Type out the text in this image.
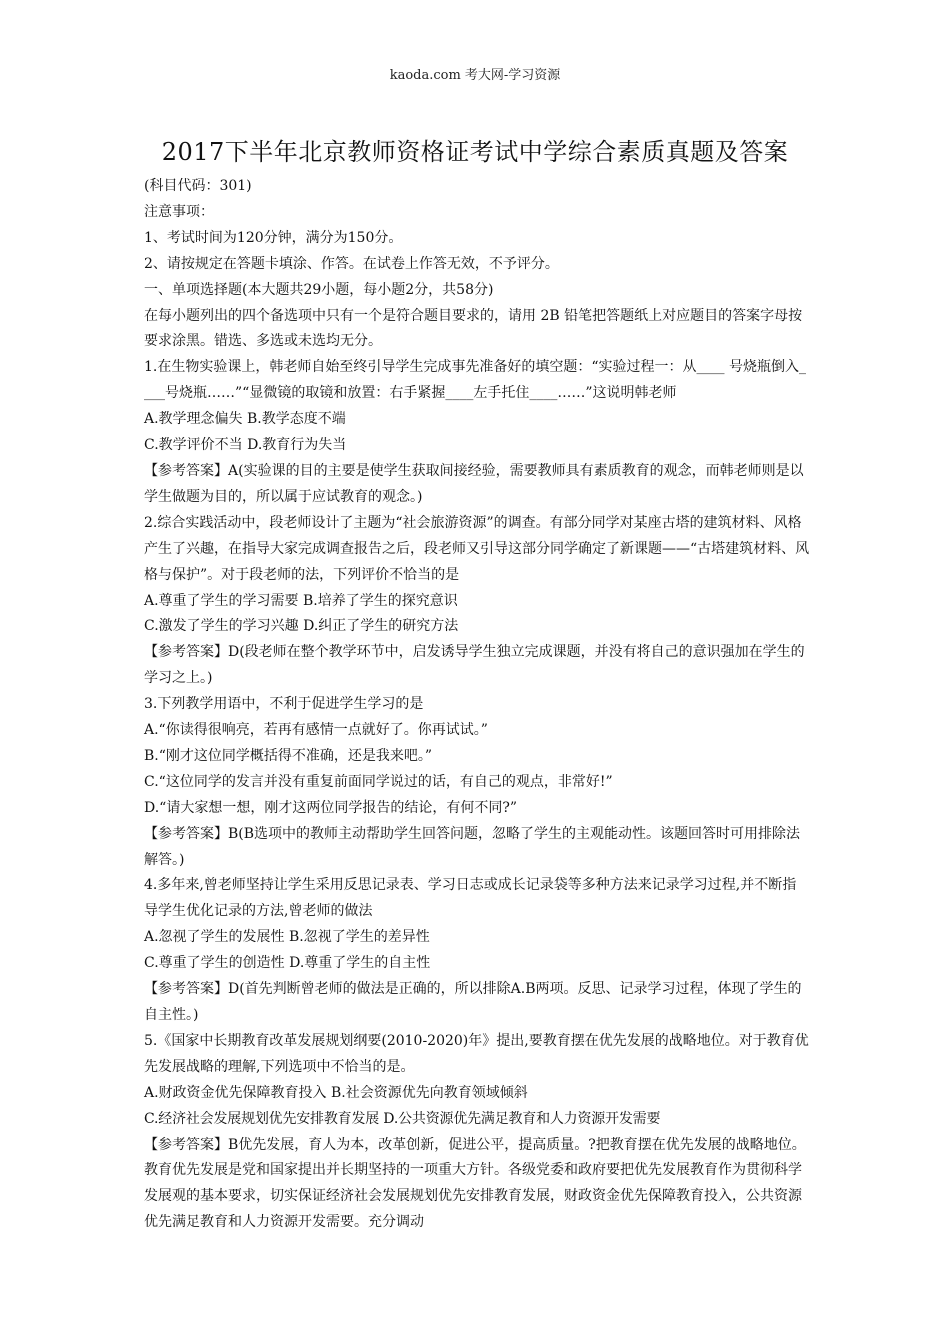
kaoda.com 考大网-学习资源
2017下半年北京教师资格证考试中学综合素质真题及答案

(科目代码：301)

注意事项：

1、考试时间为120分钟，满分为150分。

2、请按规定在答题卡填涂、作答。在试卷上作答无效，不予评分。

一、单项选择题(本大题共29小题，每小题2分，共58分)

在每小题列出的四个备选项中只有一个是符合题目要求的，请用 2B 铅笔把答题纸上对应题目的答案字母按要求涂黑。错选、多选或未选均无分。

1.在生物实验课上，韩老师自始至终引导学生完成事先准备好的填空题：“实验过程一：从____ 号烧瓶倒入____号烧瓶……”“显微镜的取镜和放置：右手紧握____左手托住____……”这说明韩老师

A.教学理念偏失 B.教学态度不端

C.教学评价不当 D.教育行为失当

【参考答案】A(实验课的目的主要是使学生获取间接经验，需要教师具有素质教育的观念，而韩老师则是以学生做题为目的，所以属于应试教育的观念。)

2.综合实践活动中，段老师设计了主题为“社会旅游资源”的调查。有部分同学对某座古塔的建筑材料、风格产生了兴趣，在指导大家完成调查报告之后，段老师又引导这部分同学确定了新课题——“古塔建筑材料、风格与保护”。对于段老师的法，下列评价不恰当的是

A.尊重了学生的学习需要 B.培养了学生的探究意识

C.激发了学生的学习兴趣 D.纠正了学生的研究方法

【参考答案】D(段老师在整个教学环节中，启发诱导学生独立完成课题，并没有将自己的意识强加在学生的学习之上。)

3.下列教学用语中，不利于促进学生学习的是

A.“你读得很响亮，若再有感情一点就好了。你再试试。”

B.“刚才这位同学概括得不准确，还是我来吧。”

C.“这位同学的发言并没有重复前面同学说过的话，有自己的观点，非常好!”

D.“请大家想一想，刚才这两位同学报告的结论，有何不同?”

【参考答案】B(B选项中的教师主动帮助学生回答问题，忽略了学生的主观能动性。该题回答时可用排除法解答。)

4.多年来,曾老师坚持让学生采用反思记录表、学习日志或成长记录袋等多种方法来记录学习过程,并不断指导学生优化记录的方法,曾老师的做法

A.忽视了学生的发展性 B.忽视了学生的差异性

C.尊重了学生的创造性 D.尊重了学生的自主性

【参考答案】D(首先判断曾老师的做法是正确的，所以排除A.B两项。反思、记录学习过程，体现了学生的自主性。)

5.《国家中长期教育改革发展规划纲要(2010-2020)年》提出,要教育摆在优先发展的战略地位。对于教育优先发展战略的理解,下列选项中不恰当的是。

A.财政资金优先保障教育投入 B.社会资源优先向教育领域倾斜

C.经济社会发展规划优先安排教育发展 D.公共资源优先满足教育和人力资源开发需要

【参考答案】B优先发展，育人为本，改革创新，促进公平，提高质量。?把教育摆在优先发展的战略地位。教育优先发展是党和国家提出并长期坚持的一项重大方针。各级党委和政府要把优先发展教育作为贯彻科学发展观的基本要求，切实保证经济社会发展规划优先安排教育发展，财政资金优先保障教育投入，公共资源优先满足教育和人力资源开发需要。充分调动
